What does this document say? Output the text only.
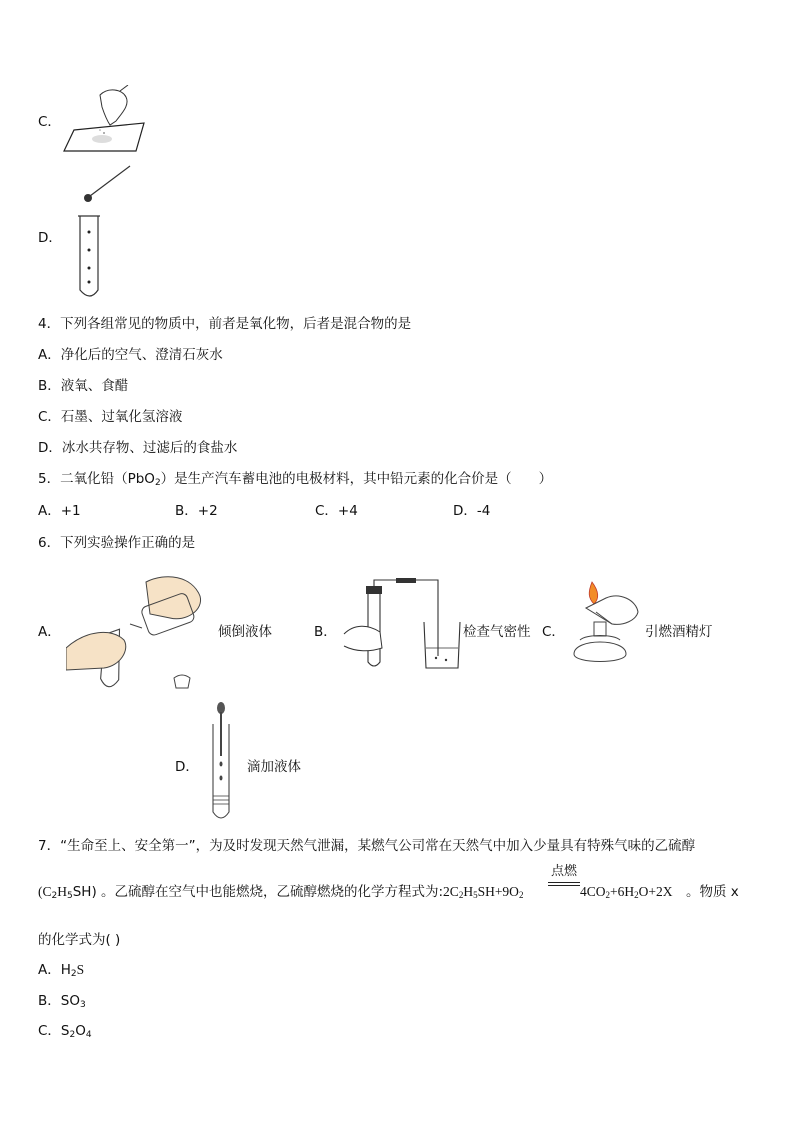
C．
D．
4．下列各组常见的物质中，前者是氧化物，后者是混合物的是
A．净化后的空气、澄清石灰水
B．液氧、食醋
C．石墨、过氧化氢溶液
D．冰水共存物、过滤后的食盐水
5．二氧化铅（PbO$_2$）是生产汽车蓄电池的电极材料，其中铅元素的化合价是（　　）
A．+1	B．+2	C．+4	D．-4
6．下列实验操作正确的是
A．	倾倒液体	B．	检查气密性 C．	引燃酒精灯
D．	滴加液体
7．“生命至上、安全第一”，为及时发现天然气泄漏，某燃气公司常在天然气中加入少量具有特殊气味的乙硫醇
$(C_2H_5SH)$ 。乙硫醇在空气中也能燃烧，乙硫醇燃烧的化学方程式为$:2C_2H_5SH+9O_2$
点燃
$4CO_2+6H_2O+2X$　。物质 x
的化学式为( )
A．$H_2S$
B．$SO_3$
C．$S_2O_4$
